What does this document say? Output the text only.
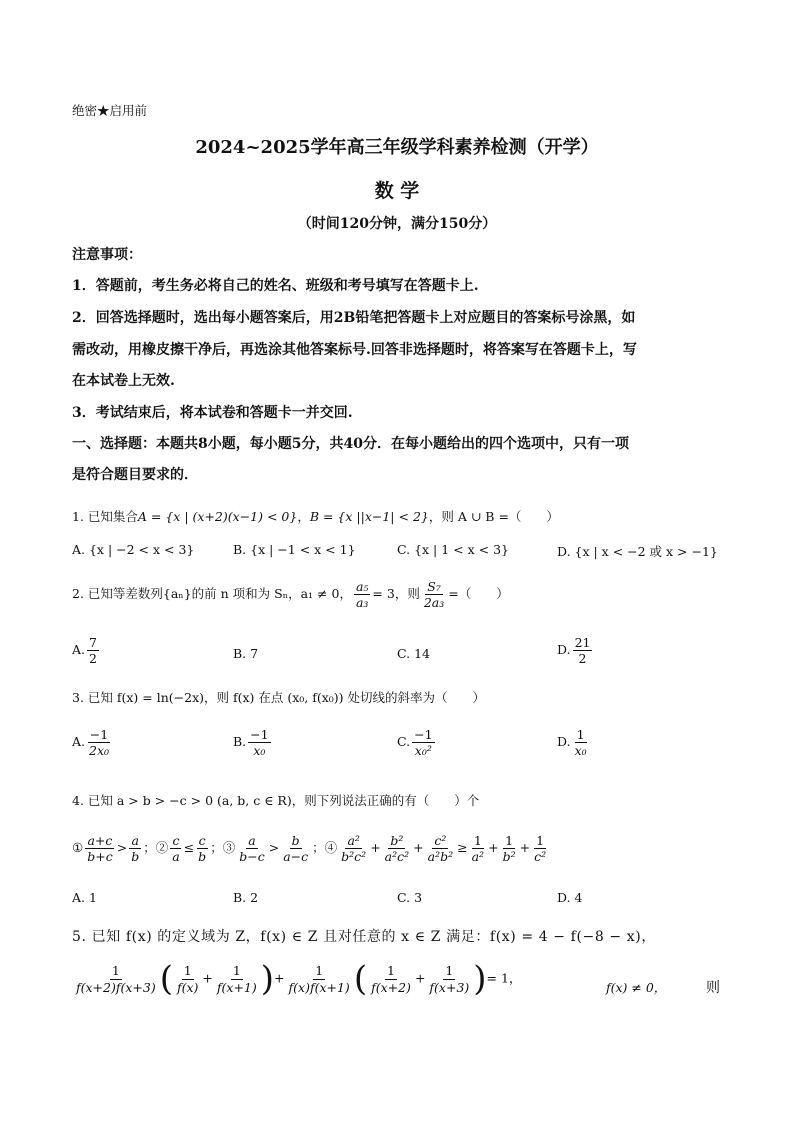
绝密★启用前
2024~2025学年高三年级学科素养检测（开学）
数 学
（时间120分钟，满分150分）
注意事项：
1．答题前，考生务必将自己的姓名、班级和考号填写在答题卡上.
2．回答选择题时，选出每小题答案后，用2B铅笔把答题卡上对应题目的答案标号涂黑，如
需改动，用橡皮擦干净后，再选涂其他答案标号.回答非选择题时，将答案写在答题卡上，写
在本试卷上无效.
3．考试结束后，将本试卷和答题卡一并交回.
一、选择题：本题共8小题，每小题5分，共40分．在每小题给出的四个选项中，只有一项
是符合题目要求的．
1. 已知集合A = {x | (x+2)(x−1) < 0}，B = {x ||x−1| < 2}，则 A ∪ B =（　　）
A. {x | −2 < x < 3}	B. {x | −1 < x < 1}	C. {x | 1 < x < 3}	D. {x | x < −2 或 x > −1}
2. 已知等差数列{aₙ}的前 n 项和为 Sₙ，a₁ ≠ 0， $\frac{\text{a₅}}{\text{a₃}} = 3$，则 $\frac{\text{S₇}}{\text{2a₃}}$ =（　　）
A. $\frac{7}{2}$	B. 7	C. 14	D. $\frac{21}{2}$
3. 已知 f(x) = ln(−2x)，则 f(x) 在点 (x₀, f(x₀)) 处切线的斜率为（　　）
A. $\frac{-1}{\text{2x₀}}$	B. $\frac{-1}{\text{x₀}}$	C. $\frac{-1}{\text{x₀²}}$	D. $\frac{1}{\text{x₀}}$
4. 已知 a > b > −c > 0 (a, b, c ∈ R)，则下列说法正确的有（　　）个
① $\frac{a+c}{b+c} > \frac{a}{b}$ ；② $\frac{c}{a} \le \frac{c}{b}$ ；③ $\frac{a}{b-c} > \frac{b}{a-c}$ ；④ $\frac{\text{a²}}{\text{b²c²}} + \frac{\text{b²}}{\text{a²c²}} + \frac{\text{c²}}{\text{a²b²}} \ge \frac{1}{\text{a²}} + \frac{1}{\text{b²}} + \frac{1}{\text{c²}}$
A. 1	B. 2	C. 3	D. 4
5. 已知 f(x) 的定义域为 Z，f(x) ∈ Z 且对任意的 x ∈ Z 满足：f(x) = 4 − f(−8 − x)，
$\frac{1}{f(x+2)f(x+3)}$ ( $\frac{1}{f(x)} + \frac{1}{f(x+1)}$ )+ $\frac{1}{f(x)f(x+1)}$ ( $\frac{1}{f(x+2)} + \frac{1}{f(x+3)}$ )= 1，
f(x) ≠ 0，	则
